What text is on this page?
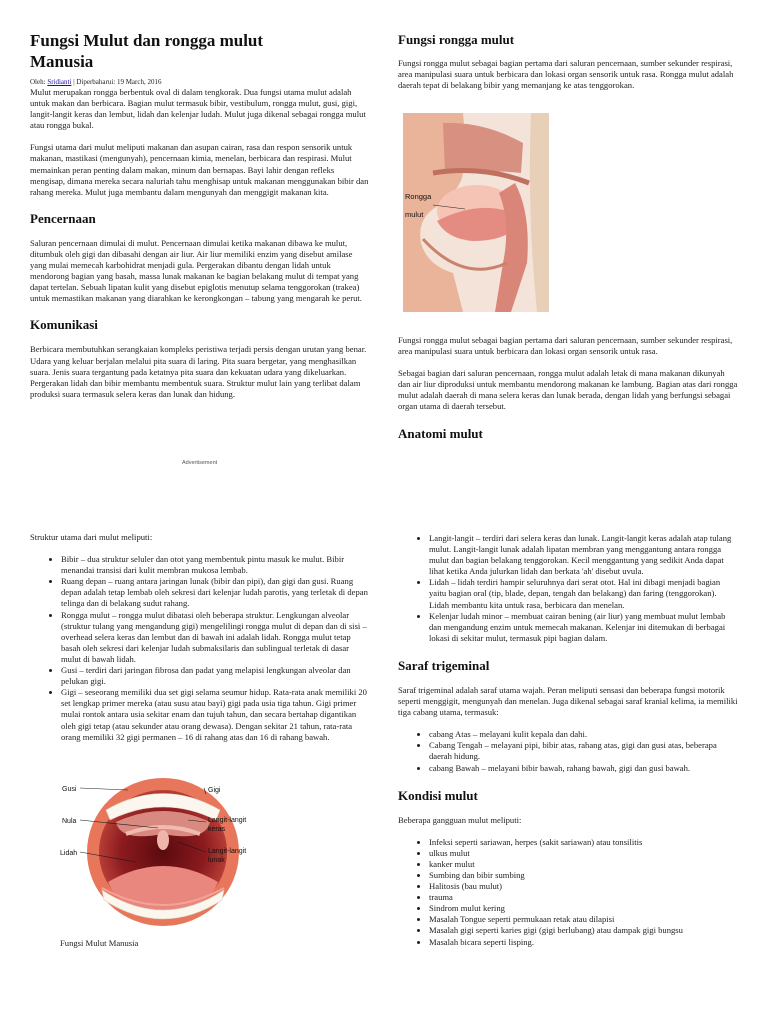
Fungsi Mulut dan rongga mulut Manusia
Oleh: Sridianti | Diperbaharui: 19 March, 2016

Mulut merupakan rongga berbentuk oval di dalam tengkorak. Dua fungsi utama mulut adalah untuk makan dan berbicara. Bagian mulut termasuk bibir, vestibulum, rongga mulut, gusi, gigi, langit-langit keras dan lembut, lidah dan kelenjar ludah. Mulut juga dikenal sebagai rongga mulut atau rongga bukal.

Fungsi utama dari mulut meliputi makanan dan asupan cairan, rasa dan respon sensorik untuk makanan, mastikasi (mengunyah), pencernaan kimia, menelan, berbicara dan respirasi. Mulut memainkan peran penting dalam makan, minum dan bernapas. Bayi lahir dengan refleks mengisap, dimana mereka secara naluriah tahu menghisap untuk makanan menggunakan bibir dan rahang mereka. Mulut juga membantu dalam mengunyah dan menggigit makanan kita.

Pencernaan

Saluran pencernaan dimulai di mulut. Pencernaan dimulai ketika makanan dibawa ke mulut, ditumbuk oleh gigi dan dibasahi dengan air liur. Air liur memiliki enzim yang disebut amilase yang mulai memecah karbohidrat menjadi gula. Pergerakan dibantu dengan lidah untuk mendorong bagian yang basah, massa lunak makanan ke bagian belakang mulut di tempat yang dapat tertelan. Sebuah lipatan kulit yang disebut epiglotis menutup selama tenggorokan (trakea) untuk memastikan makanan yang diarahkan ke kerongkongan – tabung yang mengarah ke perut.

Komunikasi

Berbicara membutuhkan serangkaian kompleks peristiwa terjadi persis dengan urutan yang benar. Udara yang keluar berjalan melalui pita suara di laring. Pita suara bergetar, yang menghasilkan suara. Jenis suara tergantung pada ketatnya pita suara dan kekuatan udara yang dikeluarkan. Pergerakan lidah dan bibir membantu membentuk suara. Struktur mulut lain yang terlibat dalam produksi suara termasuk selera keras dan lunak dan hidung.

Advertisement

Struktur utama dari mulut meliputi:

• Bibir – dua struktur seluler dan otot yang membentuk pintu masuk ke mulut. Bibir menandai transisi dari kulit membran mukosa lembab.
• Ruang depan – ruang antara jaringan lunak (bibir dan pipi), dan gigi dan gusi. Ruang depan adalah tetap lembab oleh sekresi dari kelenjar ludah parotis, yang terletak di depan telinga dan di belakang sudut rahang.
• Rongga mulut – rongga mulut dibatasi oleh beberapa struktur. Lengkungan alveolar (struktur tulang yang mengandung gigi) mengelilingi rongga mulut di depan dan di sisi – overhead selera keras dan lembut dan di bawah ini adalah lidah. Rongga mulut tetap basah oleh sekresi dari kelenjar ludah submaksilaris dan sublingual terletak di dasar mulut di bawah lidah.
• Gusi – terdiri dari jaringan fibrosa dan padat yang melapisi lengkungan alveolar dan pelukan gigi.
• Gigi – seseorang memiliki dua set gigi selama seumur hidup. Rata-rata anak memiliki 20 set lengkap primer mereka (atau susu atau bayi) gigi pada usia tiga tahun. Gigi primer mulai rontok antara usia sekitar enam dan tujuh tahun, dan secara bertahap digantikan oleh gigi tetap (atau sekunder atau orang dewasa). Dengan sekitar 21 tahun, rata-rata orang memiliki 32 gigi permanen – 16 di rahang atas dan 16 di rahang bawah.
Gusi	Gigi
Nula	Langit-langit
keras
Lidah	Langit-langit
lunak
Fungsi Mulut Manusia
Fungsi rongga mulut

Fungsi rongga mulut sebagai bagian pertama dari saluran pencernaan, sumber sekunder respirasi, area manipulasi suara untuk berbicara dan lokasi organ sensorik untuk rasa. Rongga mulut adalah daerah tepat di belakang bibir yang memanjang ke atas tenggorokan.

Rongga
mulut

Fungsi rongga mulut sebagai bagian pertama dari saluran pencernaan, sumber sekunder respirasi, area manipulasi suara untuk berbicara dan lokasi organ sensorik untuk rasa.

Sebagai bagian dari saluran pencernaan, rongga mulut adalah letak di mana makanan dikunyah dan air liur diproduksi untuk membantu mendorong makanan ke lambung. Bagian atas dari rongga mulut adalah daerah di mana selera keras dan lunak berada, dengan lidah yang berfungsi sebagai organ utama di daerah tersebut.

Anatomi mulut
• Langit-langit – terdiri dari selera keras dan lunak. Langit-langit keras adalah atap tulang mulut. Langit-langit lunak adalah lipatan membran yang menggantung antara rongga mulut dan bagian belakang tenggorokan. Kecil menggantung yang sedikit Anda dapat lihat ketika Anda julurkan lidah dan berkata 'ah' disebut uvula.
• Lidah – lidah terdiri hampir seluruhnya dari serat otot. Hal ini dibagi menjadi bagian yaitu bagian oral (tip, blade, depan, tengah dan belakang) dan faring (tenggorokan). Lidah membantu kita untuk rasa, berbicara dan menelan.
• Kelenjar ludah minor – membuat cairan bening (air liur) yang membuat mulut lembab dan mengandung enzim untuk memecah makanan. Kelenjar ini ditemukan di berbagai lokasi di sekitar mulut, termasuk pipi bagian dalam.
Saraf trigeminal

Saraf trigeminal adalah saraf utama wajah. Peran meliputi sensasi dan beberapa fungsi motorik seperti menggigit, mengunyah dan menelan. Juga dikenal sebagai saraf kranial kelima, ia memiliki tiga cabang utama, termasuk:

• cabang Atas – melayani kulit kepala dan dahi.
• Cabang Tengah – melayani pipi, bibir atas, rahang atas, gigi dan gusi atas, beberapa daerah hidung.
• cabang Bawah – melayani bibir bawah, rahang bawah, gigi dan gusi bawah.
Kondisi mulut

Beberapa gangguan mulut meliputi:

• Infeksi seperti sariawan, herpes (sakit sariawan) atau tonsilitis
• ulkus mulut
• kanker mulut
• Sumbing dan bibir sumbing
• Halitosis (bau mulut)
• trauma
• Sindrom mulut kering
• Masalah Tongue seperti permukaan retak atau dilapisi
• Masalah gigi seperti karies gigi (gigi berlubang) atau dampak gigi bungsu
• Masalah bicara seperti lisping.
